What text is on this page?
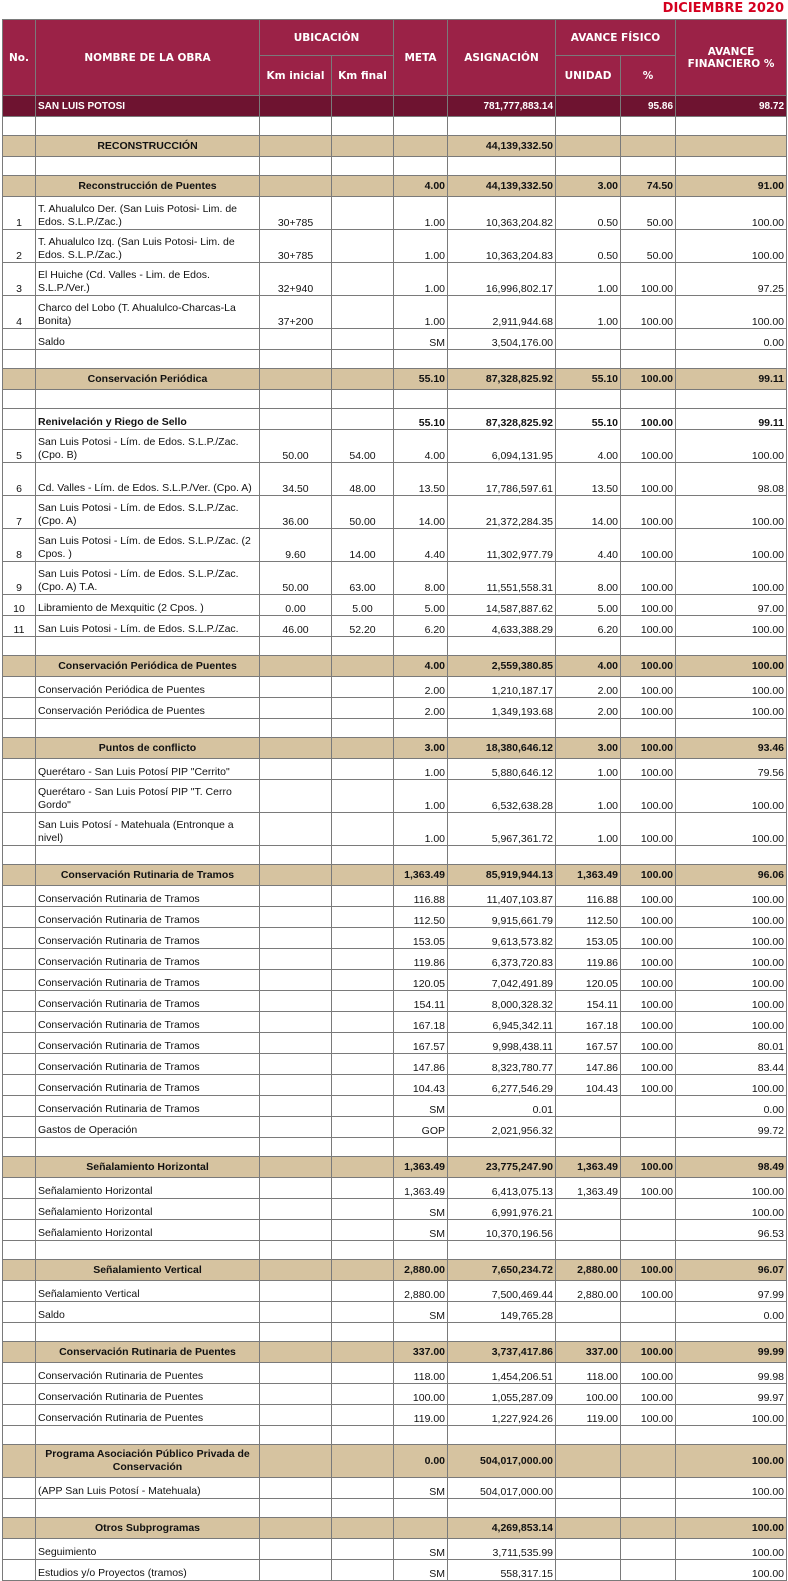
DICIEMBRE 2020
No.	NOMBRE DE LA OBRA	UBICACIÓN		META	ASIGNACIÓN	AVANCE FÍSICO		AVANCE FINANCIERO %
		Km inicial	Km final			UNIDAD	%	
	SAN LUIS POTOSI				781,777,883.14		95.86	98.72

	RECONSTRUCCIÓN				44,139,332.50			

	Reconstrucción de Puentes			4.00	44,139,332.50	3.00	74.50	91.00
1	T. Ahualulco Der. (San Luis Potosi- Lim. de Edos. S.L.P./Zac.)	30+785		1.00	10,363,204.82	0.50	50.00	100.00
2	T. Ahualulco Izq. (San Luis Potosi- Lim. de Edos. S.L.P./Zac.)	30+785		1.00	10,363,204.83	0.50	50.00	100.00
3	El Huiche (Cd. Valles - Lim. de Edos. S.L.P./Ver.)	32+940		1.00	16,996,802.17	1.00	100.00	97.25
4	Charco del Lobo (T. Ahualulco-Charcas-La Bonita)	37+200		1.00	2,911,944.68	1.00	100.00	100.00
	Saldo			SM	3,504,176.00			0.00

	Conservación Periódica			55.10	87,328,825.92	55.10	100.00	99.11

	Renivelación y Riego de Sello			55.10	87,328,825.92	55.10	100.00	99.11
5	San Luis Potosi - Lím. de Edos. S.L.P./Zac. (Cpo. B)	50.00	54.00	4.00	6,094,131.95	4.00	100.00	100.00
6	Cd. Valles - Lím. de Edos. S.L.P./Ver. (Cpo. A)	34.50	48.00	13.50	17,786,597.61	13.50	100.00	98.08
7	San Luis Potosi - Lím. de Edos. S.L.P./Zac. (Cpo. A)	36.00	50.00	14.00	21,372,284.35	14.00	100.00	100.00
8	San Luis Potosi - Lím. de Edos. S.L.P./Zac. (2 Cpos. )	9.60	14.00	4.40	11,302,977.79	4.40	100.00	100.00
9	San Luis Potosi - Lím. de Edos. S.L.P./Zac. (Cpo. A) T.A.	50.00	63.00	8.00	11,551,558.31	8.00	100.00	100.00
10	Libramiento de Mexquitic (2 Cpos. )	0.00	5.00	5.00	14,587,887.62	5.00	100.00	97.00
11	San Luis Potosi - Lím. de Edos. S.L.P./Zac.	46.00	52.20	6.20	4,633,388.29	6.20	100.00	100.00

	Conservación Periódica de Puentes			4.00	2,559,380.85	4.00	100.00	100.00
	Conservación Periódica de Puentes			2.00	1,210,187.17	2.00	100.00	100.00
	Conservación Periódica de Puentes			2.00	1,349,193.68	2.00	100.00	100.00

	Puntos de conflicto			3.00	18,380,646.12	3.00	100.00	93.46
	Querétaro - San Luis Potosí PIP "Cerrito"			1.00	5,880,646.12	1.00	100.00	79.56
	Querétaro - San Luis Potosí PIP "T. Cerro Gordo"			1.00	6,532,638.28	1.00	100.00	100.00
	San Luis Potosí - Matehuala (Entronque a nivel)			1.00	5,967,361.72	1.00	100.00	100.00

	Conservación Rutinaria de Tramos			1,363.49	85,919,944.13	1,363.49	100.00	96.06
	Conservación Rutinaria de Tramos			116.88	11,407,103.87	116.88	100.00	100.00
	Conservación Rutinaria de Tramos			112.50	9,915,661.79	112.50	100.00	100.00
	Conservación Rutinaria de Tramos			153.05	9,613,573.82	153.05	100.00	100.00
	Conservación Rutinaria de Tramos			119.86	6,373,720.83	119.86	100.00	100.00
	Conservación Rutinaria de Tramos			120.05	7,042,491.89	120.05	100.00	100.00
	Conservación Rutinaria de Tramos			154.11	8,000,328.32	154.11	100.00	100.00
	Conservación Rutinaria de Tramos			167.18	6,945,342.11	167.18	100.00	100.00
	Conservación Rutinaria de Tramos			167.57	9,998,438.11	167.57	100.00	80.01
	Conservación Rutinaria de Tramos			147.86	8,323,780.77	147.86	100.00	83.44
	Conservación Rutinaria de Tramos			104.43	6,277,546.29	104.43	100.00	100.00
	Conservación Rutinaria de Tramos			SM	0.01			0.00
	Gastos de Operación			GOP	2,021,956.32			99.72

	Señalamiento Horizontal			1,363.49	23,775,247.90	1,363.49	100.00	98.49
	Señalamiento Horizontal			1,363.49	6,413,075.13	1,363.49	100.00	100.00
	Señalamiento Horizontal			SM	6,991,976.21			100.00
	Señalamiento Horizontal			SM	10,370,196.56			96.53

	Señalamiento Vertical			2,880.00	7,650,234.72	2,880.00	100.00	96.07
	Señalamiento Vertical			2,880.00	7,500,469.44	2,880.00	100.00	97.99
	Saldo			SM	149,765.28			0.00

	Conservación Rutinaria de Puentes			337.00	3,737,417.86	337.00	100.00	99.99
	Conservación Rutinaria de Puentes			118.00	1,454,206.51	118.00	100.00	99.98
	Conservación Rutinaria de Puentes			100.00	1,055,287.09	100.00	100.00	99.97
	Conservación Rutinaria de Puentes			119.00	1,227,924.26	119.00	100.00	100.00

	Programa Asociación Público Privada de Conservación			0.00	504,017,000.00			100.00
	(APP San Luis Potosí - Matehuala)			SM	504,017,000.00			100.00

	Otros Subprogramas				4,269,853.14			100.00
	Seguimiento			SM	3,711,535.99			100.00
	Estudios y/o Proyectos (tramos)			SM	558,317.15			100.00
